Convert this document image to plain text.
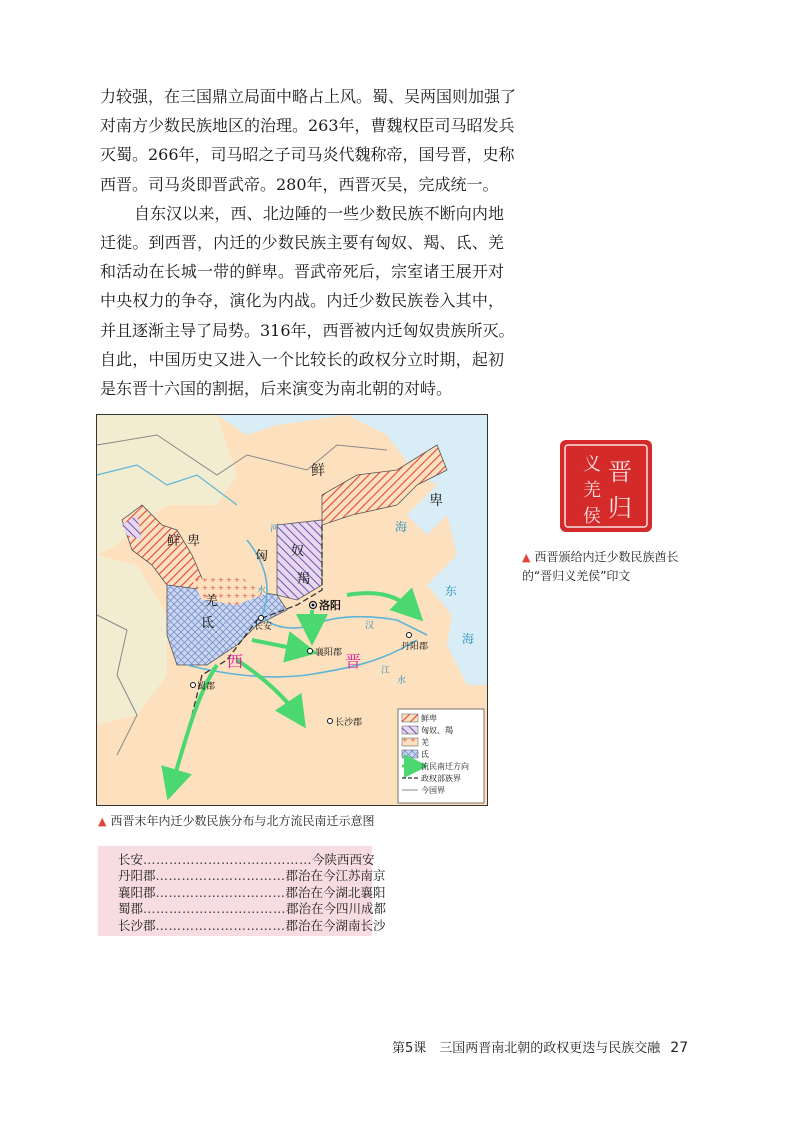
力较强，在三国鼎立局面中略占上风。蜀、吴两国则加强了
对南方少数民族地区的治理。263年，曹魏权臣司马昭发兵
灭蜀。266年，司马昭之子司马炎代魏称帝，国号晋，史称
西晋。司马炎即晋武帝。280年，西晋灭吴，完成统一。
自东汉以来，西、北边陲的一些少数民族不断向内地
迁徙。到西晋，内迁的少数民族主要有匈奴、羯、氐、羌
和活动在长城一带的鲜卑。晋武帝死后，宗室诸王展开对
中央权力的争夺，演化为内战。内迁少数民族卷入其中，
并且逐渐主导了局势。316年，西晋被内迁匈奴贵族所灭。
自此，中国历史又进入一个比较长的政权分立时期，起初
是东晋十六国的割据，后来演变为南北朝的对峙。
鲜
卑
鲜 卑
匈 奴
羯
羌
氐
西	晋
河
水	东
海
海
汉
江
水
洛阳
长安
襄阳郡
丹阳郡
蜀郡
长沙郡	鲜卑
匈奴、羯
羌
氐
流民南迁方向
政权部族界
今国界
▲ 西晋末年内迁少数民族分布与北方流民南迁示意图
晋
归
义
羌
侯
▲ 西晋颁给内迁少数民族酋长
的“晋归义羌侯”印文
长安 ………………………………… 今陕西西安
丹阳郡 ………………………… 郡治在今江苏南京
襄阳郡 ………………………… 郡治在今湖北襄阳
蜀郡 …………………………… 郡治在今四川成都
长沙郡 ………………………… 郡治在今湖南长沙
第5课　三国两晋南北朝的政权更迭与民族交融 27
